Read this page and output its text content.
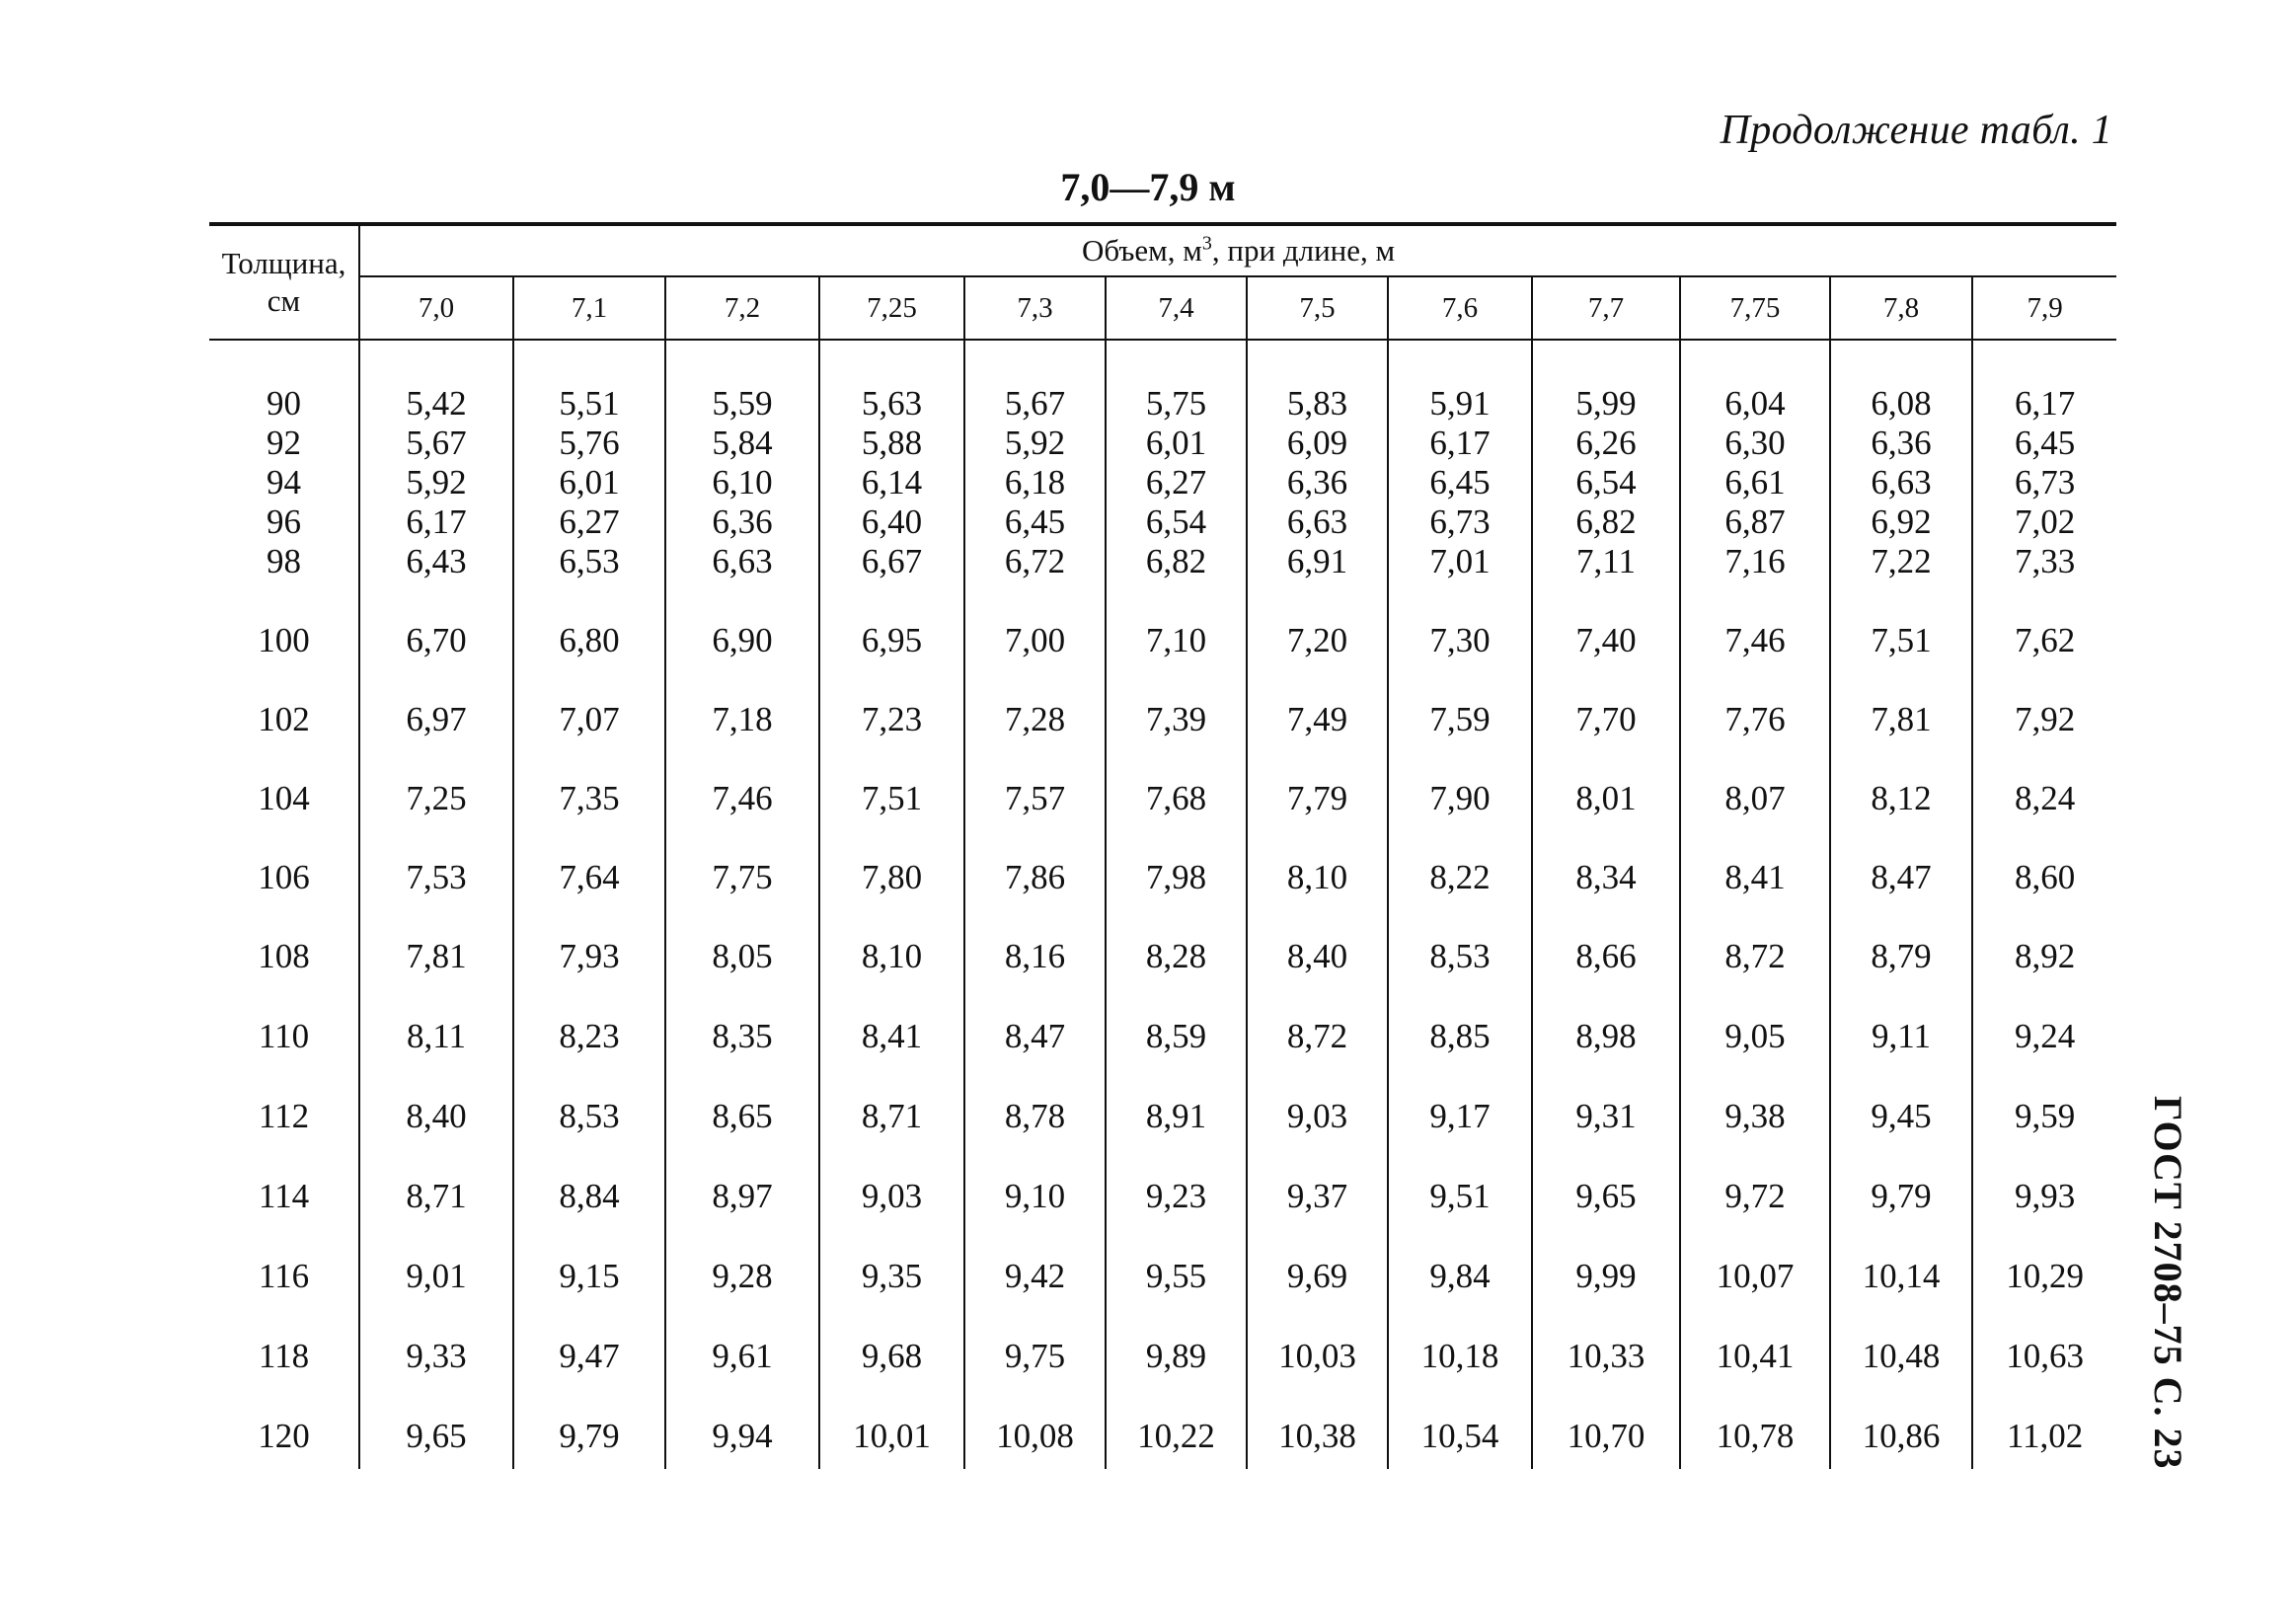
Продолжение табл. 1
7,0—7,9 м
ГОСТ 2708–75 С. 23
Толщина,
см	Объем, $м^3$, при длине, м											
	7,0	7,1	7,2	7,25	7,3	7,4	7,5	7,6	7,7	7,75	7,8	7,9
90	5,42	5,51	5,59	5,63	5,67	5,75	5,83	5,91	5,99	6,04	6,08	6,17
92	5,67	5,76	5,84	5,88	5,92	6,01	6,09	6,17	6,26	6,30	6,36	6,45
94	5,92	6,01	6,10	6,14	6,18	6,27	6,36	6,45	6,54	6,61	6,63	6,73
96	6,17	6,27	6,36	6,40	6,45	6,54	6,63	6,73	6,82	6,87	6,92	7,02
98	6,43	6,53	6,63	6,67	6,72	6,82	6,91	7,01	7,11	7,16	7,22	7,33
100	6,70	6,80	6,90	6,95	7,00	7,10	7,20	7,30	7,40	7,46	7,51	7,62
102	6,97	7,07	7,18	7,23	7,28	7,39	7,49	7,59	7,70	7,76	7,81	7,92
104	7,25	7,35	7,46	7,51	7,57	7,68	7,79	7,90	8,01	8,07	8,12	8,24
106	7,53	7,64	7,75	7,80	7,86	7,98	8,10	8,22	8,34	8,41	8,47	8,60
108	7,81	7,93	8,05	8,10	8,16	8,28	8,40	8,53	8,66	8,72	8,79	8,92
110	8,11	8,23	8,35	8,41	8,47	8,59	8,72	8,85	8,98	9,05	9,11	9,24
112	8,40	8,53	8,65	8,71	8,78	8,91	9,03	9,17	9,31	9,38	9,45	9,59
114	8,71	8,84	8,97	9,03	9,10	9,23	9,37	9,51	9,65	9,72	9,79	9,93
116	9,01	9,15	9,28	9,35	9,42	9,55	9,69	9,84	9,99	10,07	10,14	10,29
118	9,33	9,47	9,61	9,68	9,75	9,89	10,03	10,18	10,33	10,41	10,48	10,63
120	9,65	9,79	9,94	10,01	10,08	10,22	10,38	10,54	10,70	10,78	10,86	11,02
